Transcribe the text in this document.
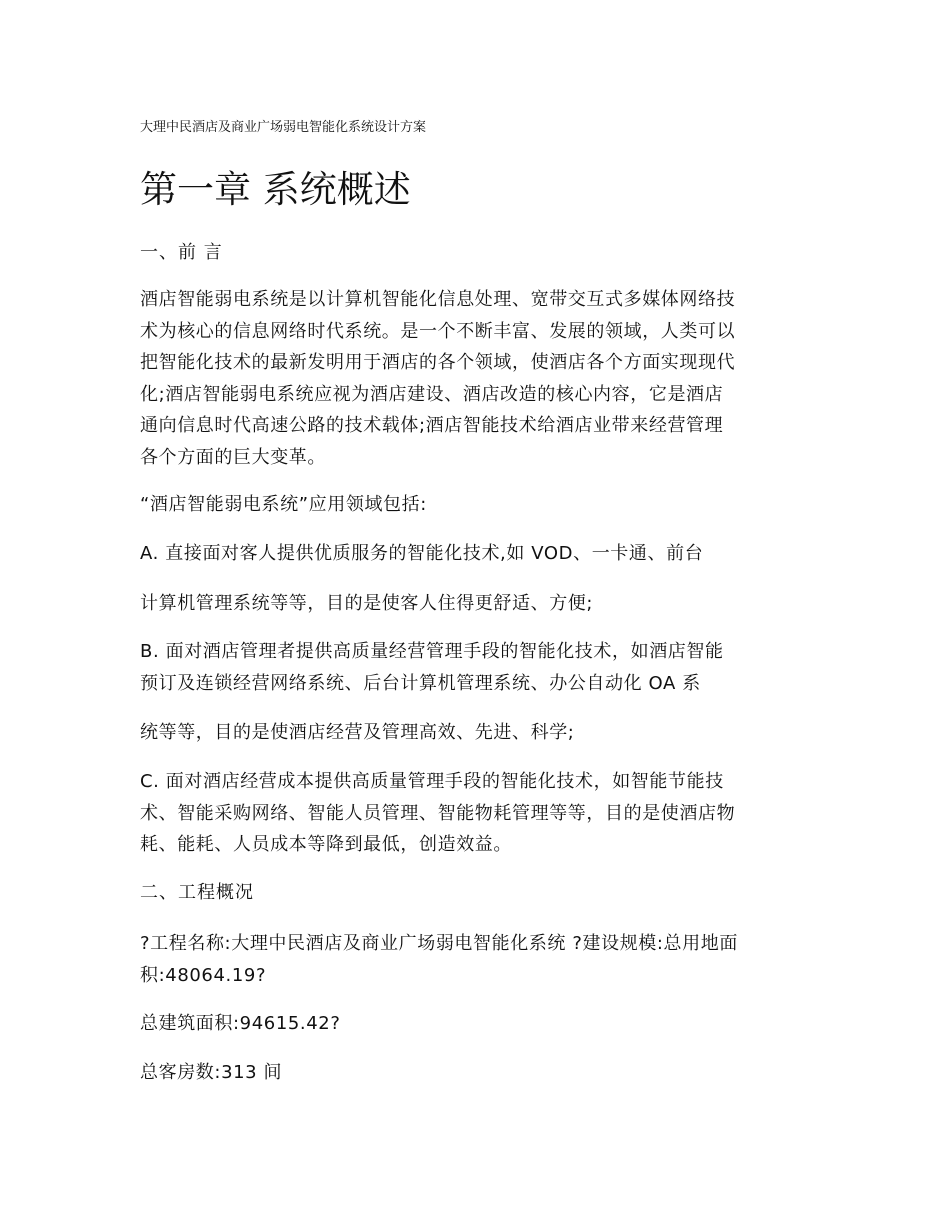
大理中民酒店及商业广场弱电智能化系统设计方案

第一章 系统概述

一、前 言

酒店智能弱电系统是以计算机智能化信息处理、宽带交互式多媒体网络技
术为核心的信息网络时代系统。是一个不断丰富、发展的领域，人类可以
把智能化技术的最新发明用于酒店的各个领域，使酒店各个方面实现现代
化;酒店智能弱电系统应视为酒店建设、酒店改造的核心内容，它是酒店
通向信息时代高速公路的技术载体;酒店智能技术给酒店业带来经营管理
各个方面的巨大变革。

“酒店智能弱电系统”应用领域包括:

A. 直接面对客人提供优质服务的智能化技术,如 VOD、一卡通、前台

计算机管理系统等等，目的是使客人住得更舒适、方便;

B. 面对酒店管理者提供高质量经营管理手段的智能化技术，如酒店智能
预订及连锁经营网络系统、后台计算机管理系统、办公自动化 OA 系

统等等，目的是使酒店经营及管理高效、先进、科学;

C. 面对酒店经营成本提供高质量管理手段的智能化技术，如智能节能技
术、智能采购网络、智能人员管理、智能物耗管理等等，目的是使酒店物
耗、能耗、人员成本等降到最低，创造效益。

二、工程概况

?工程名称:大理中民酒店及商业广场弱电智能化系统 ?建设规模:总用地面
积:48064.19?

总建筑面积:94615.42?

总客房数:313 间
